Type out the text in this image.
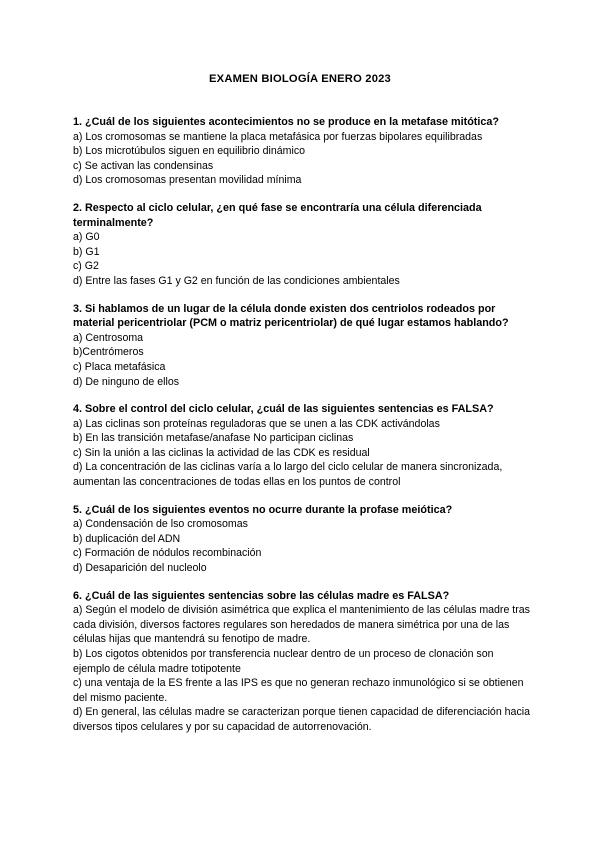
EXAMEN BIOLOGÍA ENERO 2023
1. ¿Cuál de los siguientes acontecimientos no se produce en la metafase mitótica?
a) Los cromosomas se mantiene la placa metafásica por fuerzas bipolares equilibradas
b) Los microtúbulos siguen en equilibrio dinámico
c) Se activan las condensinas
d) Los cromosomas presentan movilidad mínima
2. Respecto al ciclo celular, ¿en qué fase se encontraría una célula diferenciada terminalmente?
a) G0
b) G1
c) G2
d) Entre las fases G1 y G2 en función de las condiciones ambientales
3. Si hablamos de un lugar de la célula donde existen dos centriolos rodeados por material pericentriolar (PCM o matriz pericentriolar) de qué lugar estamos hablando?
a) Centrosoma
b)Centrómeros
c) Placa metafásica
d) De ninguno de ellos
4. Sobre el control del ciclo celular, ¿cuál de las siguientes sentencias es FALSA?
a) Las ciclinas son proteínas reguladoras que se unen a las CDK activándolas
b) En las transición metafase/anafase No participan ciclinas
c) Sin la unión a las ciclinas la actividad de las CDK es residual
d) La concentración de las ciclinas varía a lo largo del ciclo celular de manera sincronizada, aumentan las concentraciones de todas ellas en los puntos de control
5. ¿Cuál de los siguientes eventos no ocurre durante la profase meiótica?
a) Condensación de lso cromosomas
b) duplicación del ADN
c) Formación de nódulos recombinación
d) Desaparición del nucleolo
6. ¿Cuál de las siguientes sentencias sobre las células madre es FALSA?
a) Según el modelo de división asimétrica que explica el mantenimiento de las células madre tras cada división, diversos factores regulares son heredados de manera simétrica por una de las células hijas que mantendrá su fenotipo de madre.
b) Los cigotos obtenidos por transferencia nuclear dentro de un proceso de clonación son ejemplo de célula madre totipotente
c) una ventaja de la ES frente a las IPS es que no generan rechazo inmunológico si se obtienen del mismo paciente.
d) En general, las células madre se caracterizan porque tienen capacidad de diferenciación hacia diversos tipos celulares y por su capacidad de autorrenovación.
